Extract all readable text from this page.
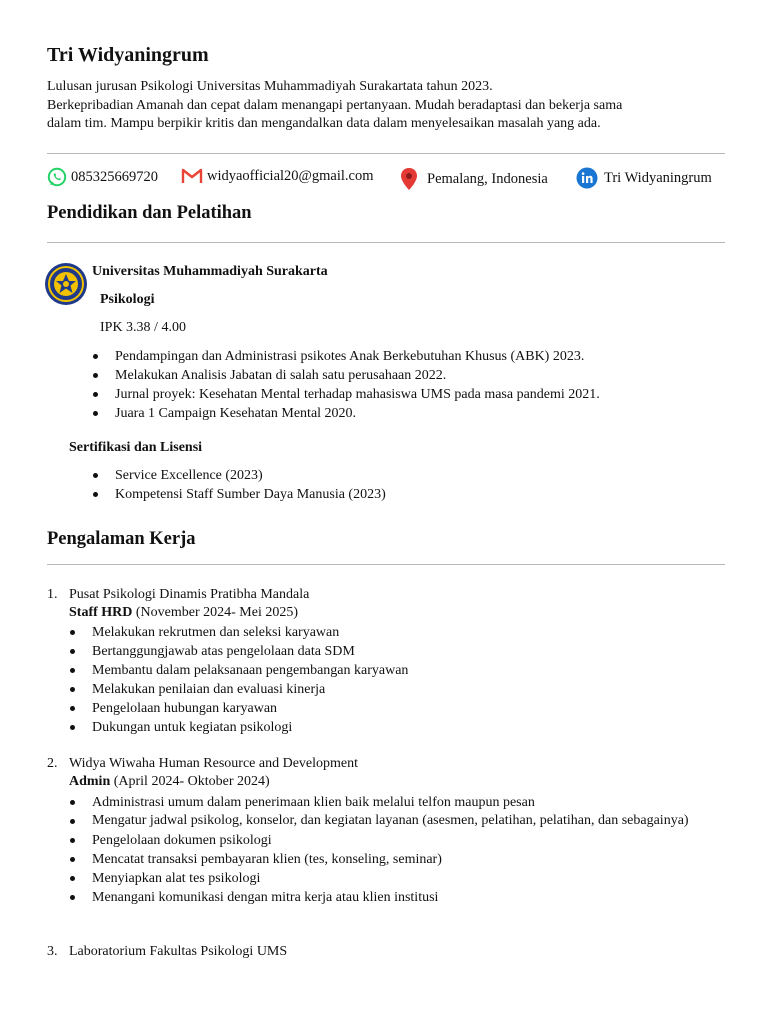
Tri Widyaningrum
Lulusan jurusan Psikologi Universitas Muhammadiyah Surakartata tahun 2023.
Berkepribadian Amanah dan cepat dalam menangapi pertanyaan. Mudah beradaptasi dan bekerja sama
dalam tim. Mampu berpikir kritis dan mengandalkan data dalam menyelesaikan masalah yang ada.
085325669720	widyaofficial20@gmail.com	Pemalang, Indonesia	Tri Widyaningrum
Pendidikan dan Pelatihan
Universitas Muhammadiyah Surakarta
Psikologi
IPK 3.38 / 4.00
Pendampingan dan Administrasi psikotes Anak Berkebutuhan Khusus (ABK) 2023.
Melakukan Analisis Jabatan di salah satu perusahaan 2022.
Jurnal proyek: Kesehatan Mental terhadap mahasiswa UMS pada masa pandemi 2021.
Juara 1 Campaign Kesehatan Mental 2020.
Sertifikasi dan Lisensi
Service Excellence (2023)
Kompetensi Staff Sumber Daya Manusia (2023)
Pengalaman Kerja
1. Pusat Psikologi Dinamis Pratibha Mandala
Staff HRD (November 2024- Mei 2025)
Melakukan rekrutmen dan seleksi karyawan
Bertanggungjawab atas pengelolaan data SDM
Membantu dalam pelaksanaan pengembangan karyawan
Melakukan penilaian dan evaluasi kinerja
Pengelolaan hubungan karyawan
Dukungan untuk kegiatan psikologi
2. Widya Wiwaha Human Resource and Development
Admin (April 2024- Oktober 2024)
Administrasi umum dalam penerimaan klien baik melalui telfon maupun pesan
Mengatur jadwal psikolog, konselor, dan kegiatan layanan (asesmen, pelatihan, pelatihan, dan sebagainya)
Pengelolaan dokumen psikologi
Mencatat transaksi pembayaran klien (tes, konseling, seminar)
Menyiapkan alat tes psikologi
Menangani komunikasi dengan mitra kerja atau klien institusi
3. Laboratorium Fakultas Psikologi UMS
